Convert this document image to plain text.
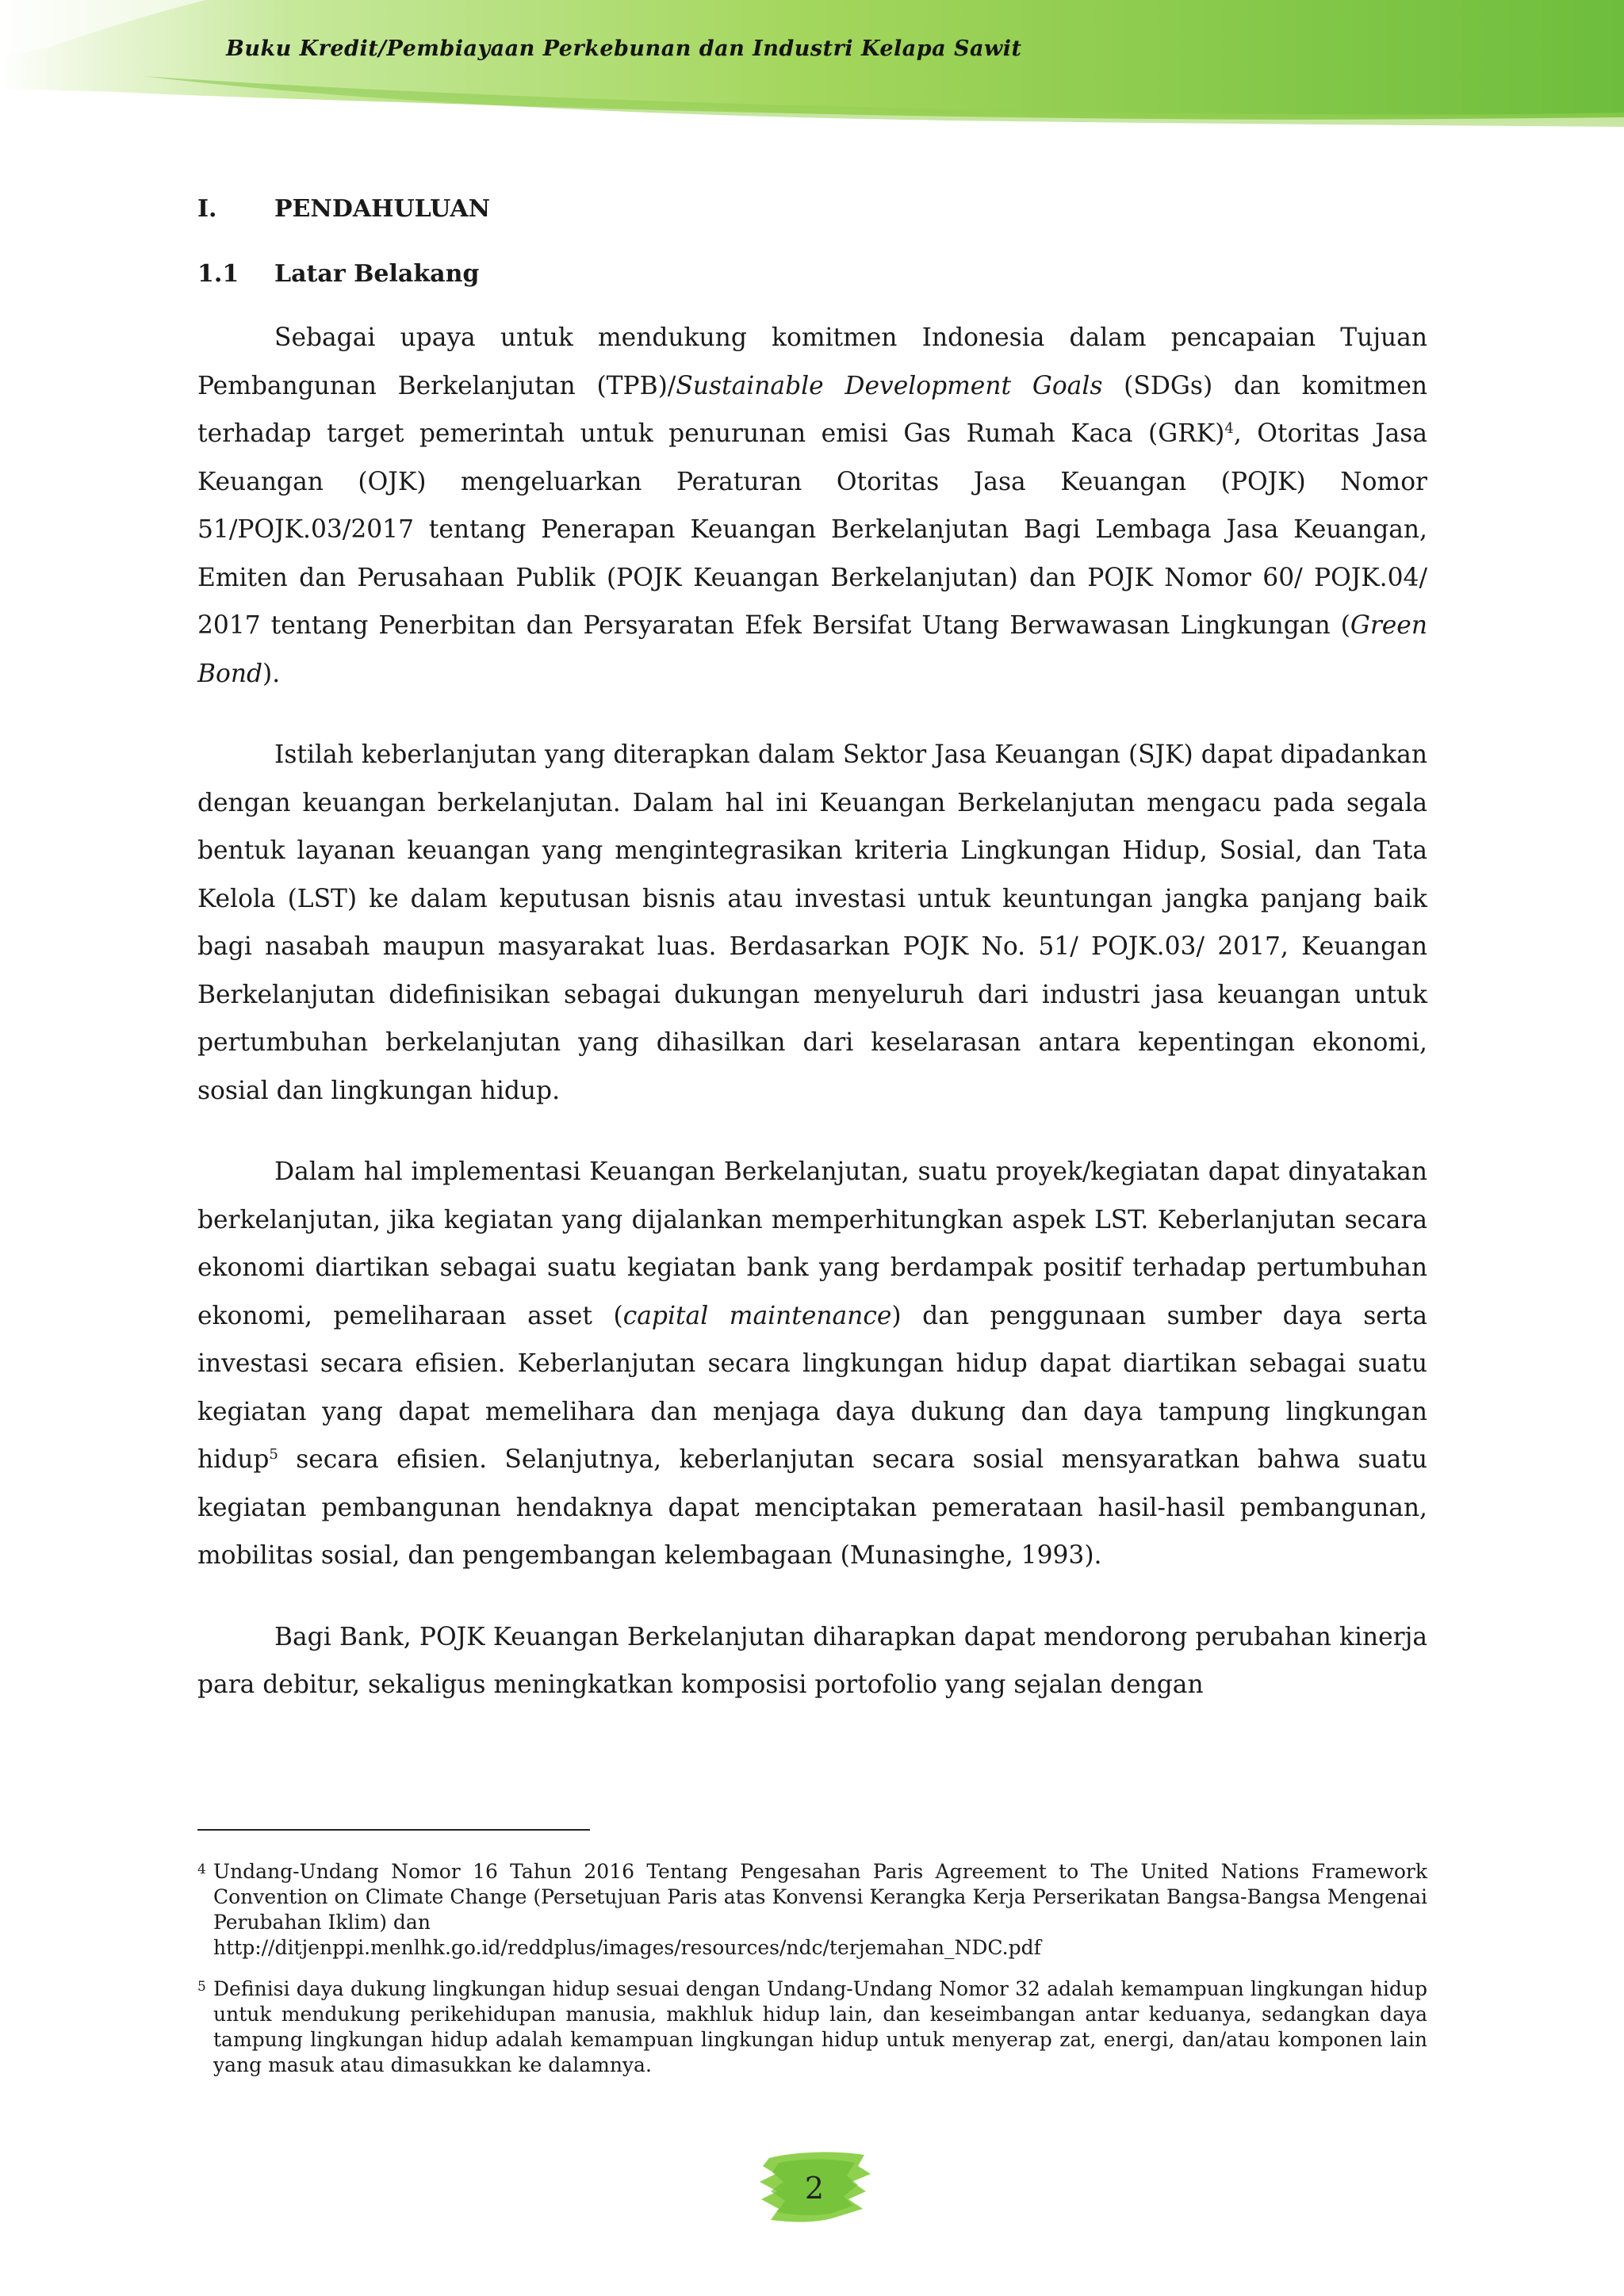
Buku Kredit/Pembiayaan Perkebunan dan Industri Kelapa Sawit
I.	PENDAHULUAN
1.1	Latar Belakang

Sebagai upaya untuk mendukung komitmen Indonesia dalam pencapaian Tujuan Pembangunan Berkelanjutan (TPB)/Sustainable Development Goals (SDGs) dan komitmen terhadap target pemerintah untuk penurunan emisi Gas Rumah Kaca (GRK)$^4$, Otoritas Jasa Keuangan (OJK) mengeluarkan Peraturan Otoritas Jasa Keuangan (POJK) Nomor 51/POJK.03/2017 tentang Penerapan Keuangan Berkelanjutan Bagi Lembaga Jasa Keuangan, Emiten dan Perusahaan Publik (POJK Keuangan Berkelanjutan) dan POJK Nomor 60/ POJK.04/ 2017 tentang Penerbitan dan Persyaratan Efek Bersifat Utang Berwawasan Lingkungan (Green Bond).

Istilah keberlanjutan yang diterapkan dalam Sektor Jasa Keuangan (SJK) dapat dipadankan dengan keuangan berkelanjutan. Dalam hal ini Keuangan Berkelanjutan mengacu pada segala bentuk layanan keuangan yang mengintegrasikan kriteria Lingkungan Hidup, Sosial, dan Tata Kelola (LST) ke dalam keputusan bisnis atau investasi untuk keuntungan jangka panjang baik bagi nasabah maupun masyarakat luas. Berdasarkan POJK No. 51/ POJK.03/ 2017, Keuangan Berkelanjutan didefinisikan sebagai dukungan menyeluruh dari industri jasa keuangan untuk pertumbuhan berkelanjutan yang dihasilkan dari keselarasan antara kepentingan ekonomi, sosial dan lingkungan hidup.

Dalam hal implementasi Keuangan Berkelanjutan, suatu proyek/kegiatan dapat dinyatakan berkelanjutan, jika kegiatan yang dijalankan memperhitungkan aspek LST. Keberlanjutan secara ekonomi diartikan sebagai suatu kegiatan bank yang berdampak positif terhadap pertumbuhan ekonomi, pemeliharaan asset (capital maintenance) dan penggunaan sumber daya serta investasi secara efisien. Keberlanjutan secara lingkungan hidup dapat diartikan sebagai suatu kegiatan yang dapat memelihara dan menjaga daya dukung dan daya tampung lingkungan hidup$^5$ secara efisien. Selanjutnya, keberlanjutan secara sosial mensyaratkan bahwa suatu kegiatan pembangunan hendaknya dapat menciptakan pemerataan hasil-hasil pembangunan, mobilitas sosial, dan pengembangan kelembagaan (Munasinghe, 1993).

Bagi Bank, POJK Keuangan Berkelanjutan diharapkan dapat mendorong perubahan kinerja para debitur, sekaligus meningkatkan komposisi portofolio yang sejalan dengan

4 Undang-Undang Nomor 16 Tahun 2016 Tentang Pengesahan Paris Agreement to The United Nations Framework Convention on Climate Change (Persetujuan Paris atas Konvensi Kerangka Kerja Perserikatan Bangsa-Bangsa Mengenai Perubahan Iklim) dan
http://ditjenppi.menlhk.go.id/reddplus/images/resources/ndc/terjemahan_NDC.pdf
5 Definisi daya dukung lingkungan hidup sesuai dengan Undang-Undang Nomor 32 adalah kemampuan lingkungan hidup untuk mendukung perikehidupan manusia, makhluk hidup lain, dan keseimbangan antar keduanya, sedangkan daya tampung lingkungan hidup adalah kemampuan lingkungan hidup untuk menyerap zat, energi, dan/atau komponen lain yang masuk atau dimasukkan ke dalamnya.
2
